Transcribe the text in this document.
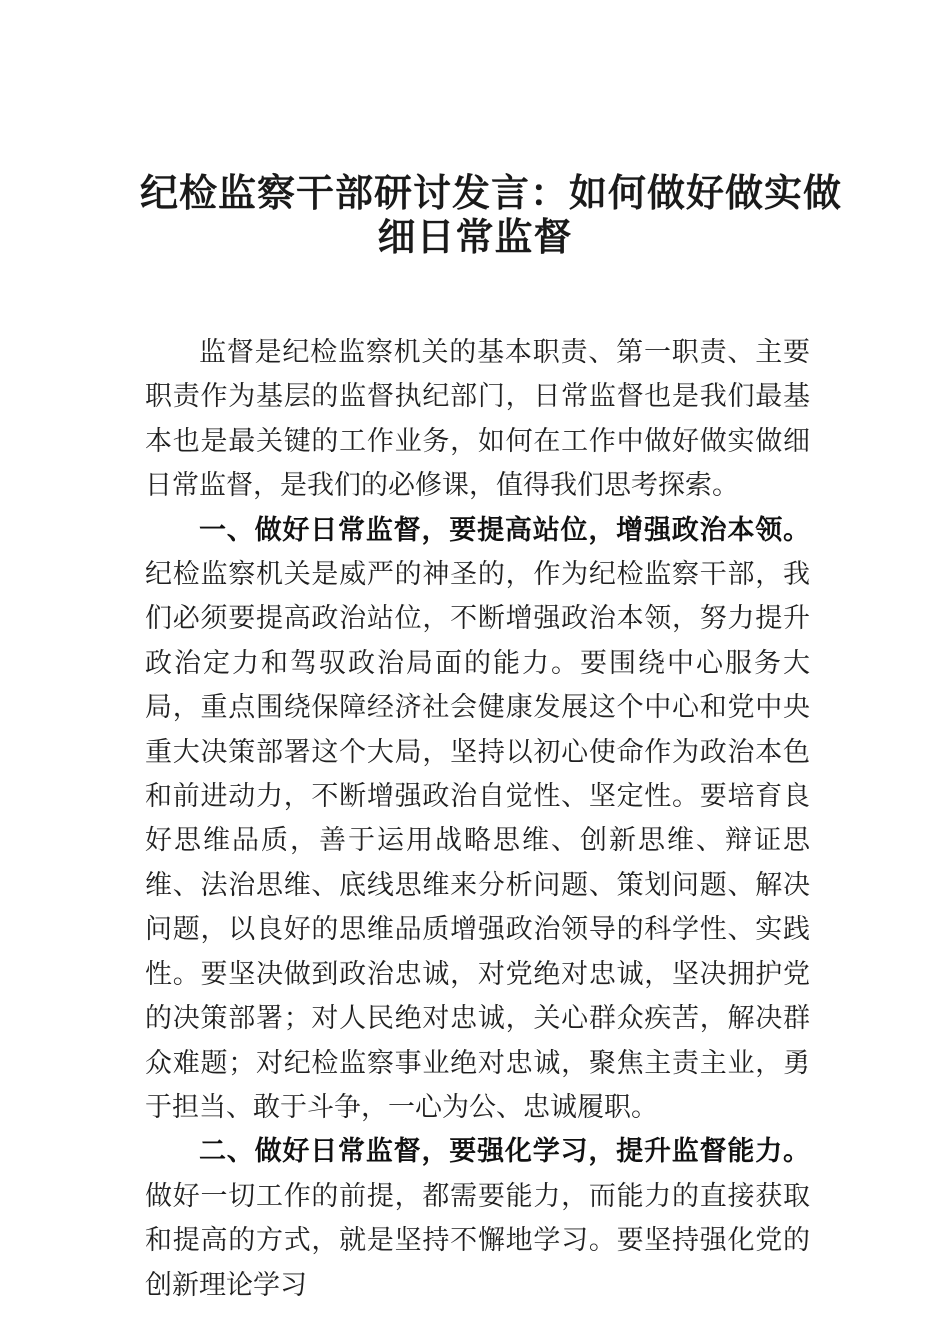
纪检监察干部研讨发言：如何做好做实做
细日常监督

监督是纪检监察机关的基本职责、第一职责、主要职责作为基层的监督执纪部门，日常监督也是我们最基本也是最关键的工作业务，如何在工作中做好做实做细日常监督，是我们的必修课，值得我们思考探索。

一、做好日常监督，要提高站位，增强政治本领。纪检监察机关是威严的神圣的，作为纪检监察干部，我们必须要提高政治站位，不断增强政治本领，努力提升政治定力和驾驭政治局面的能力。要围绕中心服务大局，重点围绕保障经济社会健康发展这个中心和党中央重大决策部署这个大局，坚持以初心使命作为政治本色和前进动力，不断增强政治自觉性、坚定性。要培育良好思维品质，善于运用战略思维、创新思维、辩证思维、法治思维、底线思维来分析问题、策划问题、解决问题，以良好的思维品质增强政治领导的科学性、实践性。要坚决做到政治忠诚，对党绝对忠诚，坚决拥护党的决策部署；对人民绝对忠诚，关心群众疾苦，解决群众难题；对纪检监察事业绝对忠诚，聚焦主责主业，勇于担当、敢于斗争，一心为公、忠诚履职。

二、做好日常监督，要强化学习，提升监督能力。做好一切工作的前提，都需要能力，而能力的直接获取和提高的方式，就是坚持不懈地学习。要坚持强化党的创新理论学习
